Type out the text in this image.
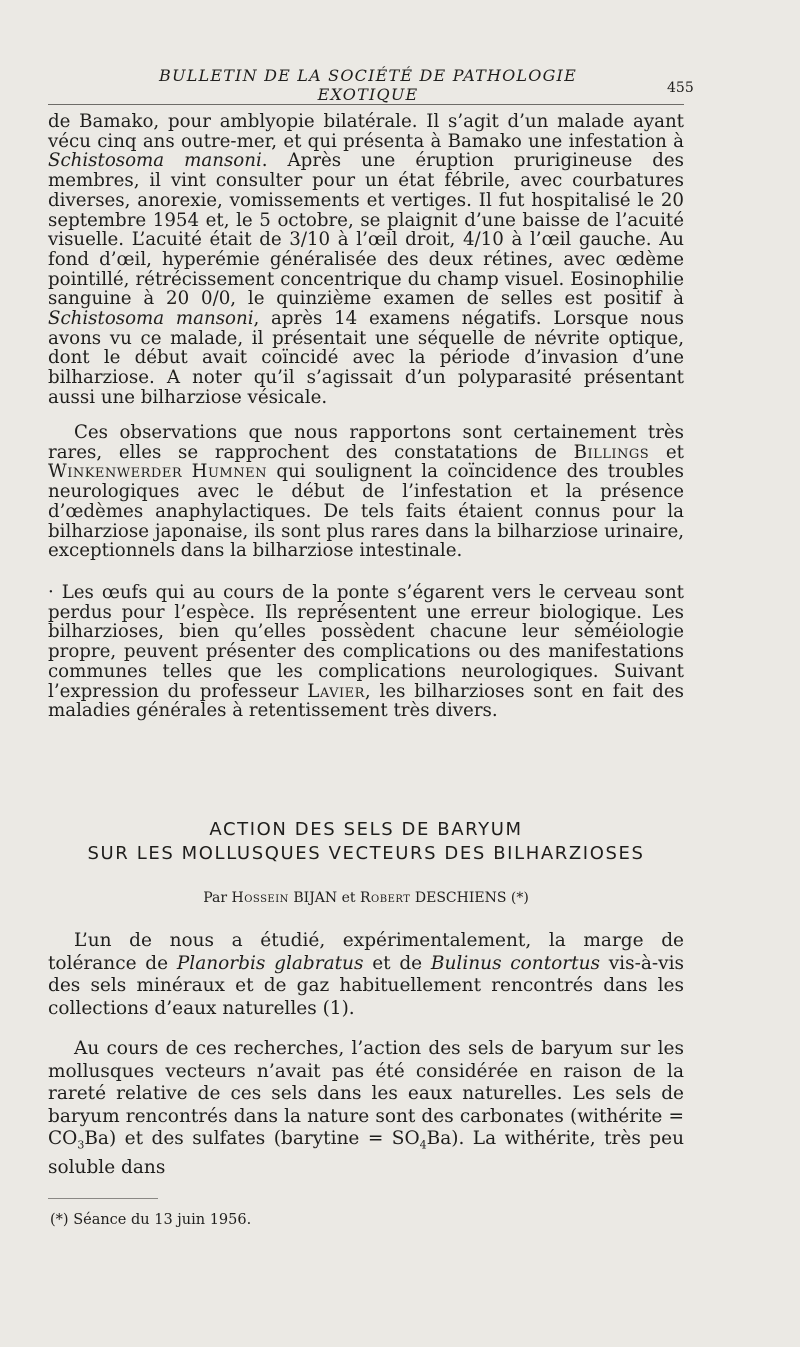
BULLETIN DE LA SOCIÉTÉ DE PATHOLOGIE EXOTIQUE	455

de Bamako, pour amblyopie bilatérale. Il s’agit d’un malade ayant vécu cinq ans outre-mer, et qui présenta à Bamako une infestation à Schistosoma mansoni. Après une éruption prurigineuse des membres, il vint consulter pour un état fébrile, avec courbatures diverses, anorexie, vomissements et vertiges. Il fut hospitalisé le 20 septembre 1954 et, le 5 octobre, se plaignit d’une baisse de l’acuité visuelle. L’acuité était de 3/10 à l’œil droit, 4/10 à l’œil gauche. Au fond d’œil, hyperémie généralisée des deux rétines, avec œdème pointillé, rétrécissement concentrique du champ visuel. Eosinophilie sanguine à 20 0/0, le quinzième examen de selles est positif à Schistosoma mansoni, après 14 examens négatifs. Lorsque nous avons vu ce malade, il présentait une séquelle de névrite optique, dont le début avait coïncidé avec la période d’invasion d’une bilharziose. A noter qu’il s’agissait d’un polyparasité présentant aussi une bilharziose vésicale.

Ces observations que nous rapportons sont certainement très rares, elles se rapprochent des constatations de Billings et Winkenwerder Humnen qui soulignent la coïncidence des troubles neurologiques avec le début de l’infestation et la présence d’œdèmes anaphylactiques. De tels faits étaient connus pour la bilharziose japonaise, ils sont plus rares dans la bilharziose urinaire, exceptionnels dans la bilharziose intestinale.

· Les œufs qui au cours de la ponte s’égarent vers le cerveau sont perdus pour l’espèce. Ils représentent une erreur biologique. Les bilharzioses, bien qu’elles possèdent chacune leur séméiologie propre, peuvent présenter des complications ou des manifestations communes telles que les complications neurologiques. Suivant l’expression du professeur Lavier, les bilharzioses sont en fait des maladies générales à retentissement très divers.

ACTION DES SELS DE BARYUM
SUR LES MOLLUSQUES VECTEURS DES BILHARZIOSES
Par Hossein BIJAN et Robert DESCHIENS (*)

L’un de nous a étudié, expérimentalement, la marge de tolérance de Planorbis glabratus et de Bulinus contortus vis-à-vis des sels minéraux et de gaz habituellement rencontrés dans les collections d’eaux naturelles (1).

Au cours de ces recherches, l’action des sels de baryum sur les mollusques vecteurs n’avait pas été considérée en raison de la rareté relative de ces sels dans les eaux naturelles. Les sels de baryum rencontrés dans la nature sont des carbonates (withérite = $CO_3Ba$) et des sulfates (barytine = $SO_4Ba$). La withérite, très peu soluble dans

(*) Séance du 13 juin 1956.
